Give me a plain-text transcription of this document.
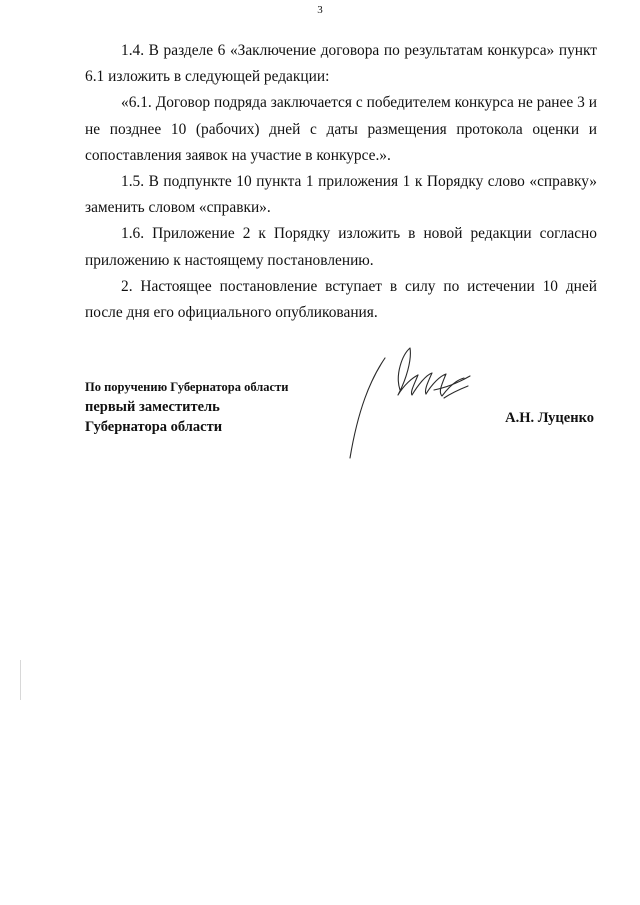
3

1.4. В разделе 6 «Заключение договора по результатам конкурса» пункт 6.1 изложить в следующей редакции:

«6.1. Договор подряда заключается с победителем конкурса не ранее 3 и не позднее 10 (рабочих) дней с даты размещения протокола оценки и сопоставления заявок на участие в конкурсе.».

1.5. В подпункте 10 пункта 1 приложения 1 к Порядку слово «справку» заменить словом «справки».

1.6. Приложение 2 к Порядку изложить в новой редакции согласно приложению к настоящему постановлению.

2. Настоящее постановление вступает в силу по истечении 10 дней после дня его официального опубликования.

По поручению Губернатора области
первый заместитель
Губернатора области
А.Н. Луценко
